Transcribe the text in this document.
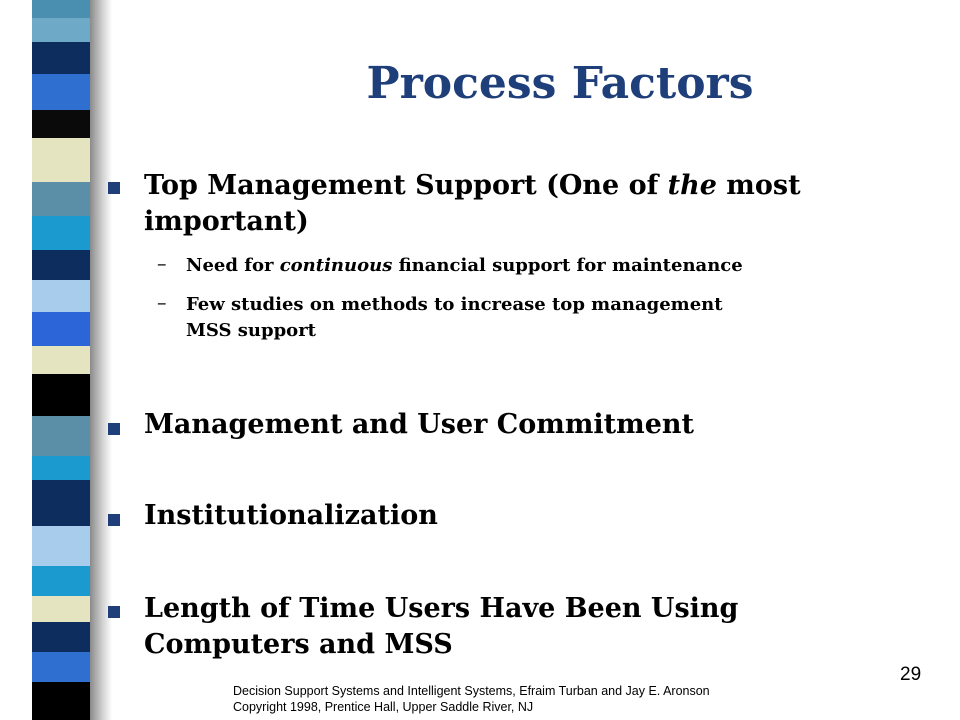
Process Factors
Top Management Support (One of the most
important)
– Need for continuous financial support for maintenance
– Few studies on methods to increase top management
MSS support
Management and User Commitment
Institutionalization
Length of Time Users Have Been Using
Computers and MSS
29
Decision Support Systems and Intelligent Systems, Efraim Turban and Jay E. Aronson
Copyright 1998, Prentice Hall, Upper Saddle River, NJ
